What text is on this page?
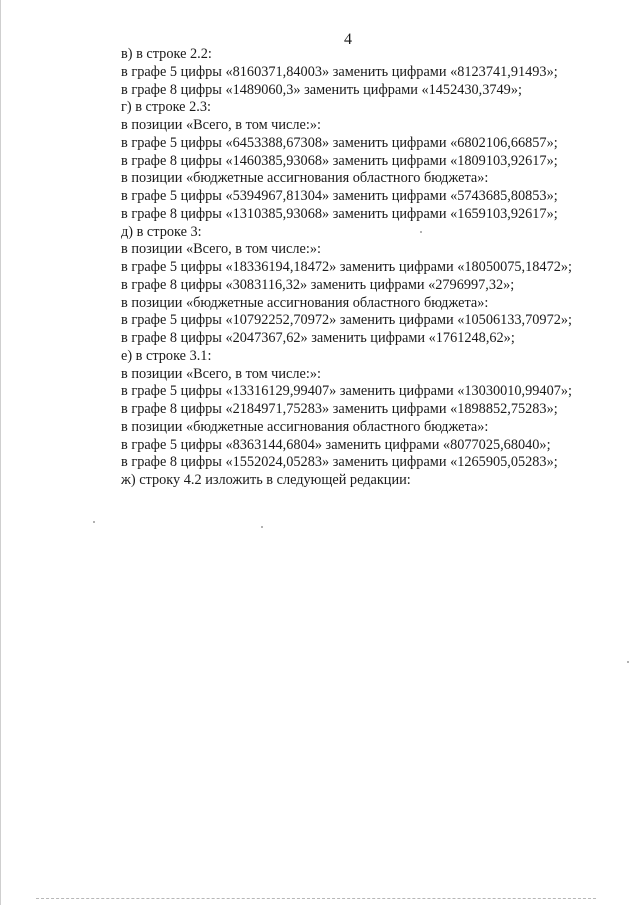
4
в) в строке 2.2:
в графе 5 цифры «8160371,84003» заменить цифрами «8123741,91493»;
в графе 8 цифры «1489060,3» заменить цифрами «1452430,3749»;
г) в строке 2.3:
в позиции «Всего, в том числе:»:
в графе 5 цифры «6453388,67308» заменить цифрами «6802106,66857»;
в графе 8 цифры «1460385,93068» заменить цифрами «1809103,92617»;
в позиции «бюджетные ассигнования областного бюджета»:
в графе 5 цифры «5394967,81304» заменить цифрами «5743685,80853»;
в графе 8 цифры «1310385,93068» заменить цифрами «1659103,92617»;
д) в строке 3:
в позиции «Всего, в том числе:»:
в графе 5 цифры «18336194,18472» заменить цифрами «18050075,18472»;
в графе 8 цифры «3083116,32» заменить цифрами «2796997,32»;
в позиции «бюджетные ассигнования областного бюджета»:
в графе 5 цифры «10792252,70972» заменить цифрами «10506133,70972»;
в графе 8 цифры «2047367,62» заменить цифрами «1761248,62»;
е) в строке 3.1:
в позиции «Всего, в том числе:»:
в графе 5 цифры «13316129,99407» заменить цифрами «13030010,99407»;
в графе 8 цифры «2184971,75283» заменить цифрами «1898852,75283»;
в позиции «бюджетные ассигнования областного бюджета»:
в графе 5 цифры «8363144,6804» заменить цифрами «8077025,68040»;
в графе 8 цифры «1552024,05283» заменить цифрами «1265905,05283»;
ж) строку 4.2 изложить в следующей редакции:
